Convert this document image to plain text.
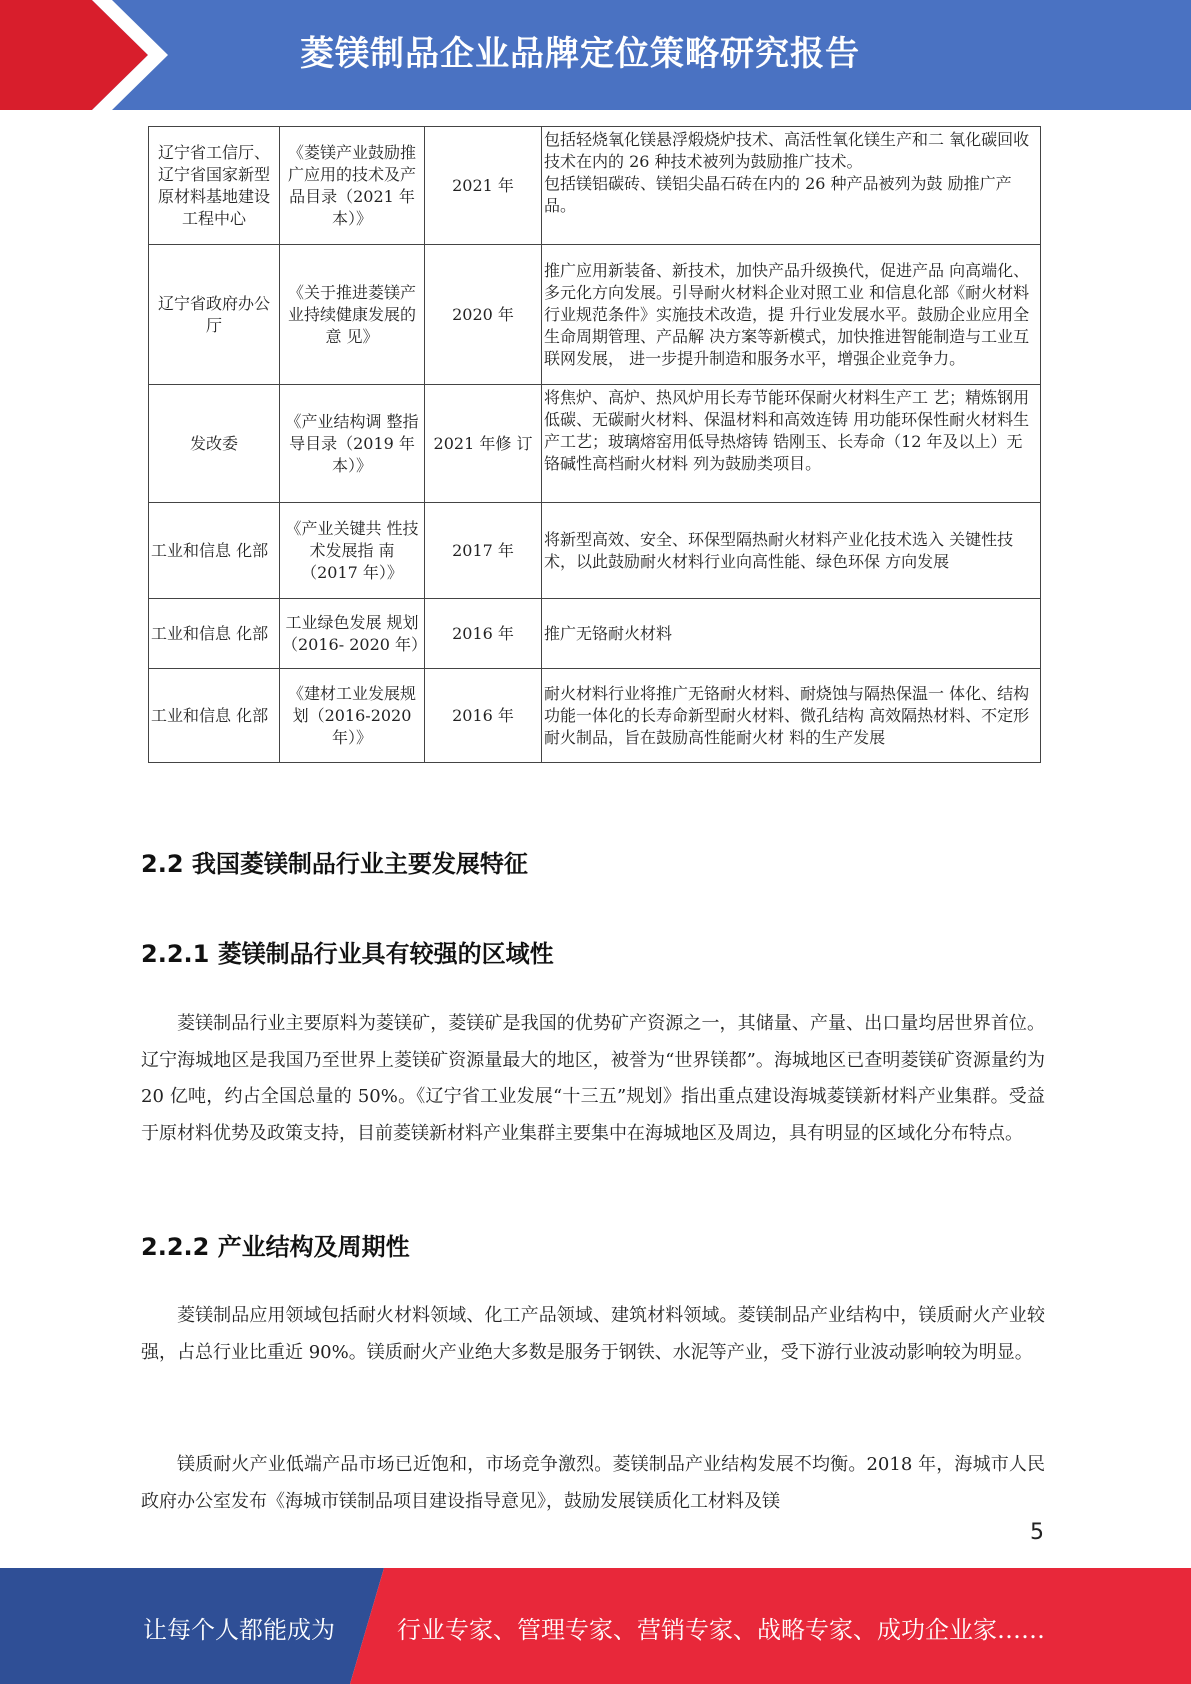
菱镁制品企业品牌定位策略研究报告
辽宁省工信厅、辽宁省国家新型原材料基地建设工程中心	《菱镁产业鼓励推广应用的技术及产品目录（2021 年本）》	2021 年	包括轻烧氧化镁悬浮煅烧炉技术、高活性氧化镁生产和二 氧化碳回收技术在内的 26 种技术被列为鼓励推广技术。
包括镁铝碳砖、镁铝尖晶石砖在内的 26 种产品被列为鼓 励推广产品。
辽宁省政府办公厅	《关于推进菱镁产业持续健康发展的意 见》	2020 年	推广应用新装备、新技术，加快产品升级换代，促进产品 向高端化、多元化方向发展。引导耐火材料企业对照工业 和信息化部《耐火材料行业规范条件》实施技术改造，提 升行业发展水平。鼓励企业应用全生命周期管理、产品解 决方案等新模式，加快推进智能制造与工业互联网发展， 进一步提升制造和服务水平，增强企业竞争力。
发改委	《产业结构调 整指导目录（2019 年本）》	2021 年修 订	将焦炉、高炉、热风炉用长寿节能环保耐火材料生产工 艺；精炼钢用低碳、无碳耐火材料、保温材料和高效连铸 用功能环保性耐火材料生产工艺；玻璃熔窑用低导热熔铸 锆刚玉、长寿命（12 年及以上）无铬碱性高档耐火材料 列为鼓励类项目。
工业和信息 化部	《产业关键共 性技术发展指 南（2017 年）》	2017 年	将新型高效、安全、环保型隔热耐火材料产业化技术选入 关键性技术，以此鼓励耐火材料行业向高性能、绿色环保 方向发展
工业和信息 化部	工业绿色发展 规划（2016- 2020 年）	2016 年	推广无铬耐火材料
工业和信息 化部	《建材工业发展规划（2016-2020 年）》	2016 年	耐火材料行业将推广无铬耐火材料、耐烧蚀与隔热保温一 体化、结构功能一体化的长寿命新型耐火材料、微孔结构 高效隔热材料、不定形耐火制品，旨在鼓励高性能耐火材 料的生产发展
2.2 我国菱镁制品行业主要发展特征
2.2.1 菱镁制品行业具有较强的区域性
菱镁制品行业主要原料为菱镁矿，菱镁矿是我国的优势矿产资源之一，其储量、产量、出口量均居世界首位。辽宁海城地区是我国乃至世界上菱镁矿资源量最大的地区，被誉为“世界镁都”。海城地区已查明菱镁矿资源量约为 20 亿吨，约占全国总量的 50%。《辽宁省工业发展“十三五”规划》指出重点建设海城菱镁新材料产业集群。受益于原材料优势及政策支持，目前菱镁新材料产业集群主要集中在海城地区及周边，具有明显的区域化分布特点。
2.2.2 产业结构及周期性
菱镁制品应用领域包括耐火材料领域、化工产品领域、建筑材料领域。菱镁制品产业结构中，镁质耐火产业较强，占总行业比重近 90%。镁质耐火产业绝大多数是服务于钢铁、水泥等产业，受下游行业波动影响较为明显。
镁质耐火产业低端产品市场已近饱和，市场竞争激烈。菱镁制品产业结构发展不均衡。2018 年，海城市人民政府办公室发布《海城市镁制品项目建设指导意见》，鼓励发展镁质化工材料及镁
5
让每个人都能成为	行业专家、管理专家、营销专家、战略专家、成功企业家……
